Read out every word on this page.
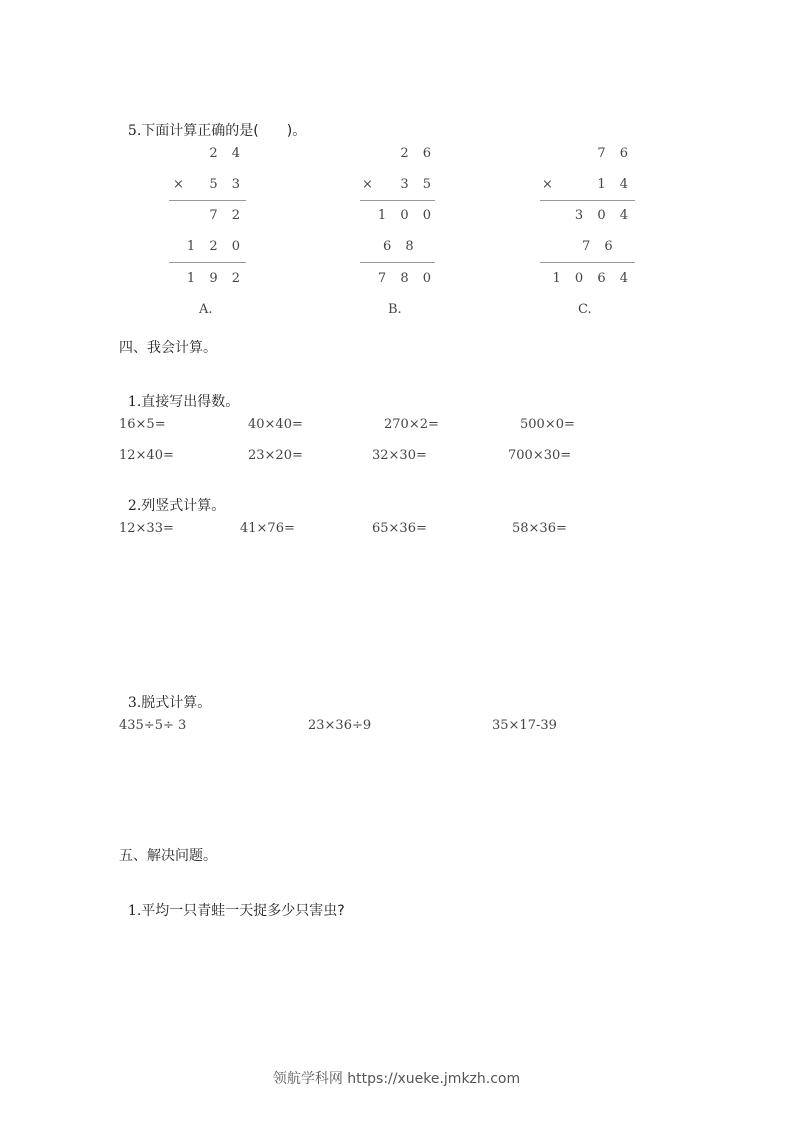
5.下面计算正确的是(　　)。

2 4
× 5 3
7 2
1 2 0
1 9 2
A.
2 6
× 3 5
1 0 0
6 8
7 8 0
B.
7 6
×	1 4
3 0 4
7 6
1 0 6 4
C.
四、我会计算。

1.直接写出得数。

16×5=	40×40=	270×2=	500×0=
12×40=	23×20=	32×30=	700×30=

2.列竖式计算。

12×33=	41×76=	65×36=	58×36=

3.脱式计算。

435÷5÷ 3	23×36÷9	35×17-39
五、解决问题。

1.平均一只青蛙一天捉多少只害虫?

领航学科网 https://xueke.jmkzh.com
